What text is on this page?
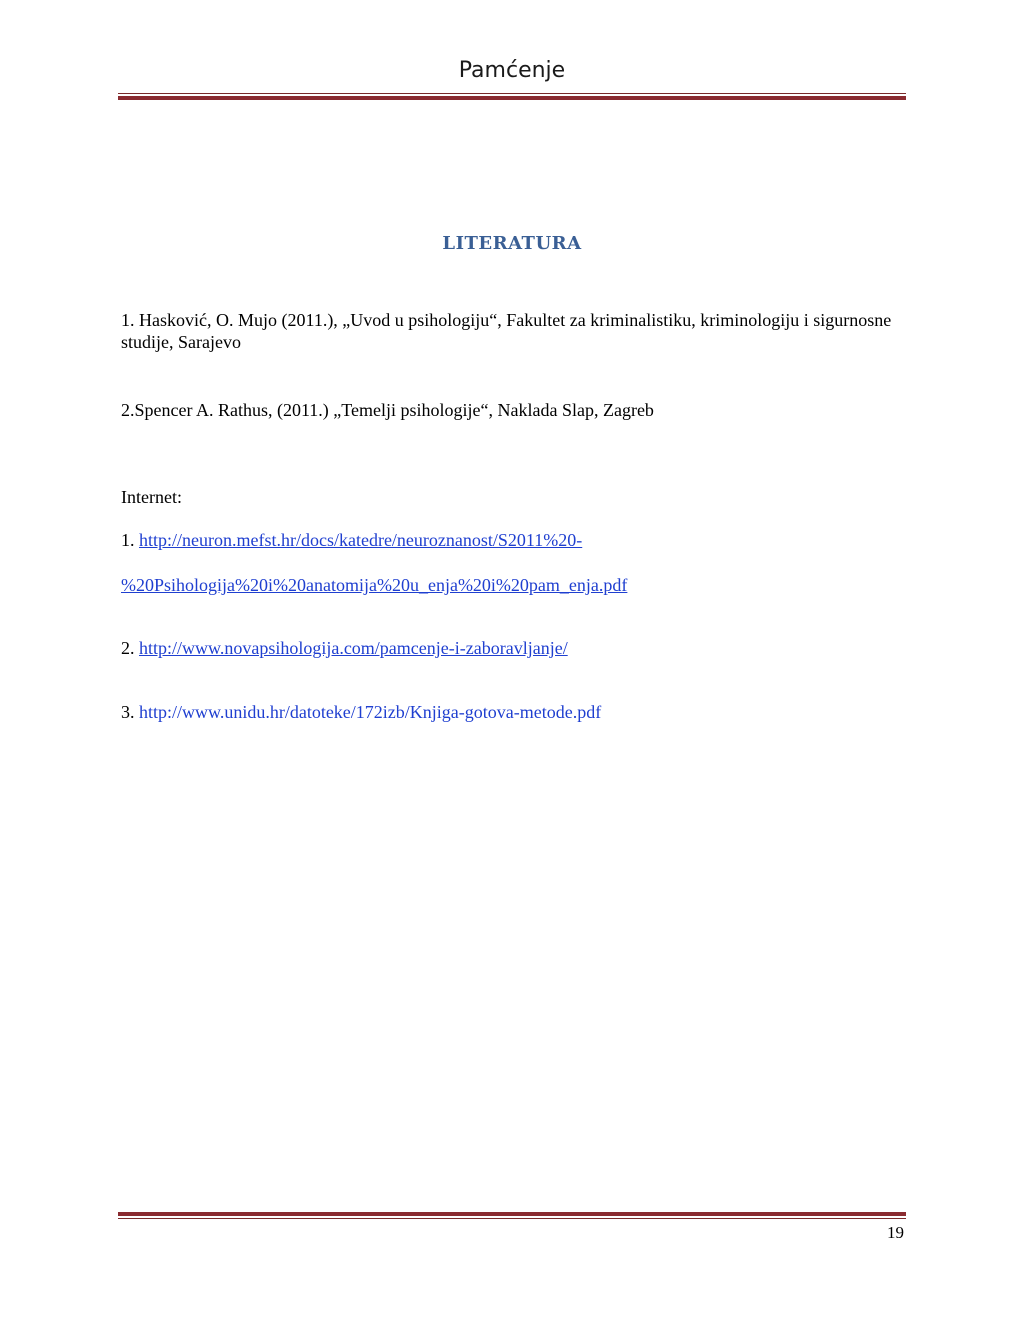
Pamćenje
LITERATURA
1. Hasković, O. Mujo (2011.), „Uvod u psihologiju“, Fakultet za kriminalistiku, kriminologiju i sigurnosne studije, Sarajevo
2.Spencer A. Rathus, (2011.) „Temelji psihologije“, Naklada Slap, Zagreb
Internet:
1. http://neuron.mefst.hr/docs/katedre/neuroznanost/S2011%20-
%20Psihologija%20i%20anatomija%20u_enja%20i%20pam_enja.pdf
2. http://www.novapsihologija.com/pamcenje-i-zaboravljanje/
3. http://www.unidu.hr/datoteke/172izb/Knjiga-gotova-metode.pdf
19
